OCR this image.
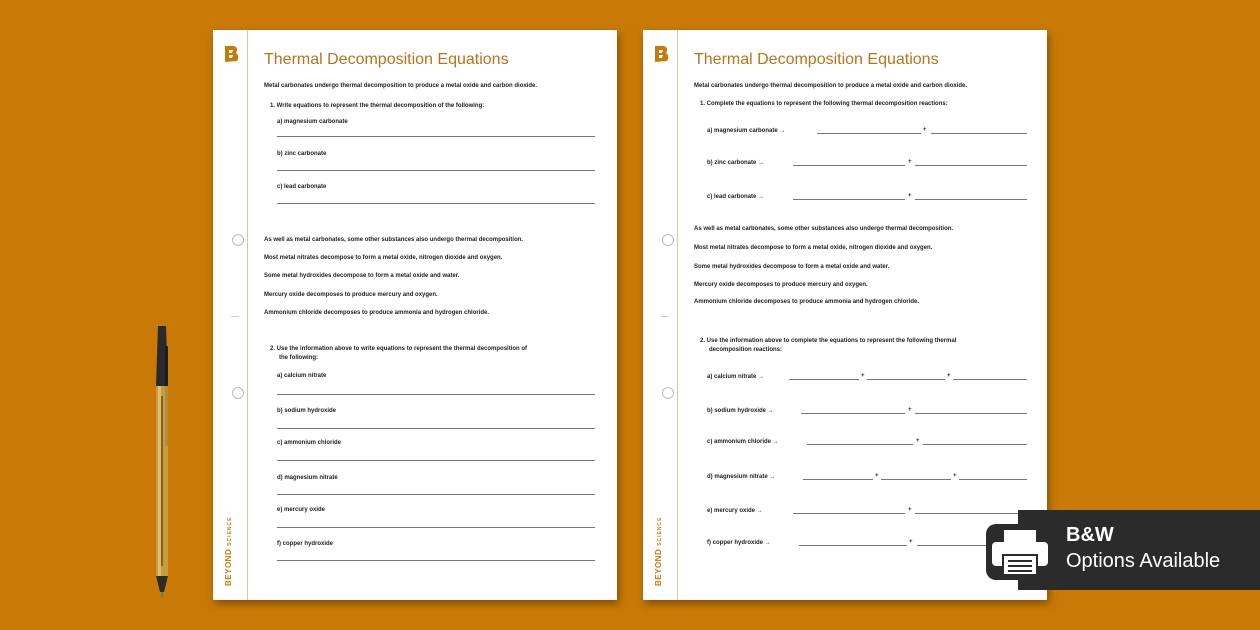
BEYONDSCIENCE
Thermal Decomposition Equations
Metal carbonates undergo thermal decomposition to produce a metal oxide and carbon dioxide.
1. Write equations to represent the thermal decomposition of the following:
a) magnesium carbonate
b) zinc carbonate
c) lead carbonate
As well as metal carbonates, some other substances also undergo thermal decomposition.
Most metal nitrates decompose to form a metal oxide, nitrogen dioxide and oxygen.
Some metal hydroxides decompose to form a metal oxide and water.
Mercury oxide decomposes to produce mercury and oxygen.
Ammonium chloride decomposes to produce ammonia and hydrogen chloride.
2. Use the information above to write equations to represent the thermal decomposition of
the following:
a) calcium nitrate
b) sodium hydroxide
c) ammonium chloride
d) magnesium nitrate
e) mercury oxide
f) copper hydroxide
BEYONDSCIENCE
Thermal Decomposition Equations
Metal carbonates undergo thermal decomposition to produce a metal oxide and carbon dioxide.
1. Complete the equations to represent the following thermal decomposition reactions:
a) magnesium carbonate →	+
b) zinc carbonate →	+
c) lead carbonate →	+
As well as metal carbonates, some other substances also undergo thermal decomposition.
Most metal nitrates decompose to form a metal oxide, nitrogen dioxide and oxygen.
Some metal hydroxides decompose to form a metal oxide and water.
Mercury oxide decomposes to produce mercury and oxygen.
Ammonium chloride decomposes to produce ammonia and hydrogen chloride.
2. Use the information above to complete the equations to represent the following thermal
decomposition reactions:
a) calcium nitrate →	+	+
b) sodium hydroxide →	+
c) ammonium chloride →	+
d) magnesium nitrate →	+	+
e) mercury oxide →	+
f) copper hydroxide →	+	B&W
Options Available
